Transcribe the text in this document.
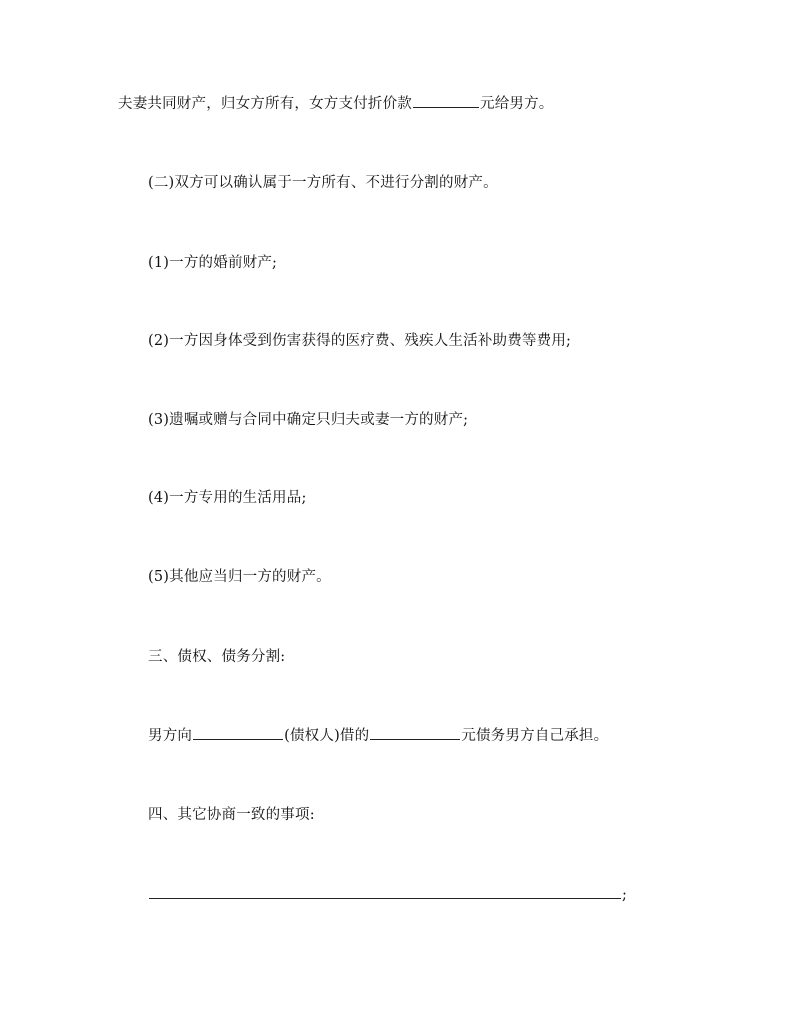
夫妻共同财产，归女方所有，女方支付折价款	元给男方。
(二)双方可以确认属于一方所有、不进行分割的财产。
(1)一方的婚前财产;
(2)一方因身体受到伤害获得的医疗费、残疾人生活补助费等费用;
(3)遗嘱或赠与合同中确定只归夫或妻一方的财产;
(4)一方专用的生活用品;
(5)其他应当归一方的财产。
三、债权、债务分割:
男方向	(债权人)借的	元债务男方自己承担。
四、其它协商一致的事项:
;
